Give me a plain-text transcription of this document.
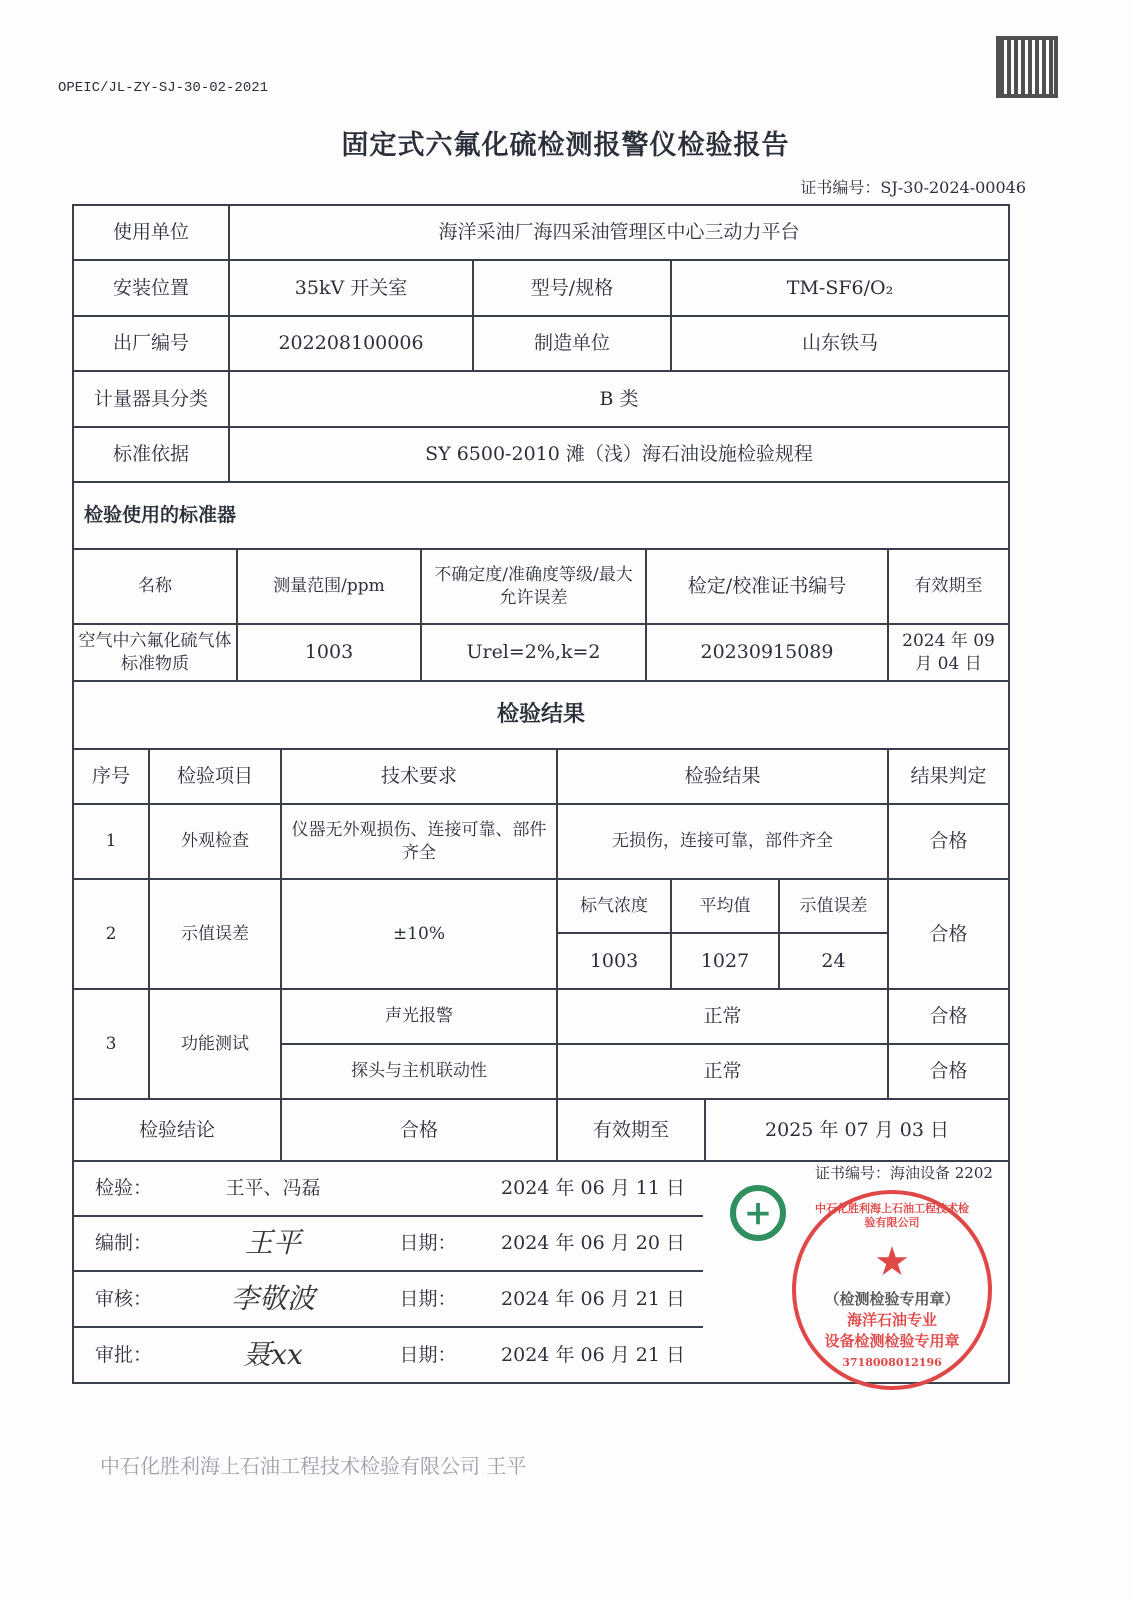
OPEIC/JL-ZY-SJ-30-02-2021
固定式六氟化硫检测报警仪检验报告
证书编号：SJ-30-2024-00046
使用单位	海洋采油厂海四采油管理区中心三动力平台		
安装位置	35kV 开关室	型号/规格	TM-SF6/O₂
出厂编号	202208100006	制造单位	山东铁马
计量器具分类	B 类		
标准依据	SY 6500-2010 滩（浅）海石油设施检验规程		
检验使用的标准器			
名称	测量范围/ppm	不确定度/准确度等级/最大允许误差	检定/校准证书编号	有效期至
空气中六氟化硫气体标准物质	1003	Urel=2%,k=2	20230915089	2024 年 09 月 04 日
检验结果				
序号	检验项目	技术要求	检验结果			结果判定
1	外观检查	仪器无外观损伤、连接可靠、部件齐全	无损伤，连接可靠，部件齐全			合格
2	示值误差	±10%	标气浓度	平均值	示值误差	合格
			1003	1027	24	
3	功能测试	声光报警	正常			合格
		探头与主机联动性	正常			合格
检验结论	合格	有效期至	2025 年 07 月 03 日
检验：	王平、冯磊		2024 年 06 月 11 日	
编制：	王平	日期：	2024 年 06 月 20 日	
审核：	李敬波	日期：	2024 年 06 月 21 日	
审批：	聂xx	日期：	2024 年 06 月 21 日	
证书编号：海油设备 2202
+	中石化胜利海上石油工程技术检验有限公司
★
（检测检验专用章）
海洋石油专业
设备检测检验专用章
3718008012196
中石化胜利海上石油工程技术检验有限公司 王平
